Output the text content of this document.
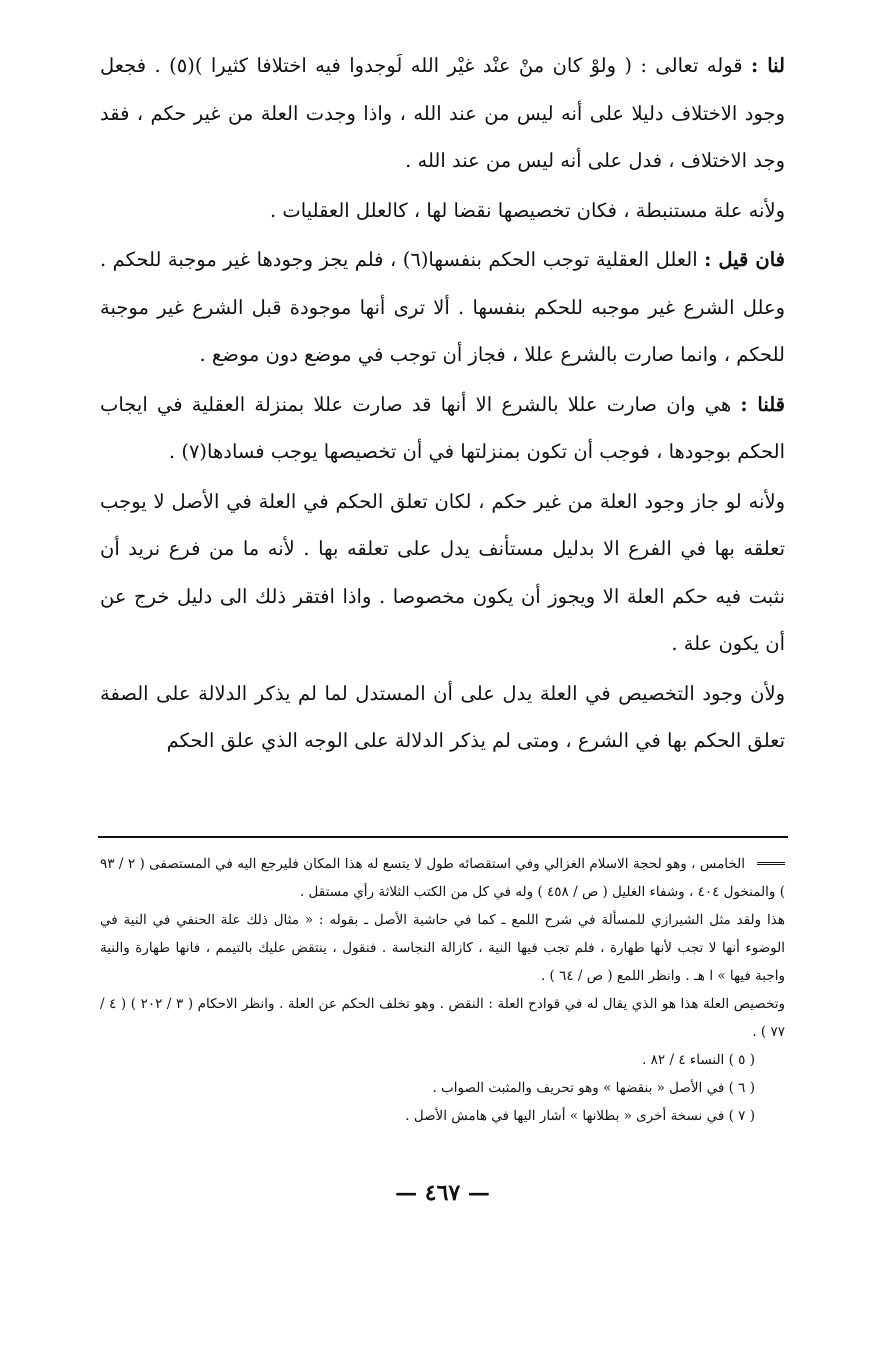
لنا : قوله تعالى : ( ولوْ كان منْ عنْد غيْر الله لَوجدوا فيه اختلافا كثيرا )(٥) . فجعل وجود الاختلاف دليلا على أنه ليس من عند الله ، واذا وجدت العلة من غير حكم ، فقد وجد الاختلاف ، فدل على أنه ليس من عند الله .

ولأنه علة مستنبطة ، فكان تخصيصها نقضا لها ، كالعلل العقليات .

فان قيل : العلل العقلية توجب الحكم بنفسها(٦) ، فلم يجز وجودها غير موجبة للحكم . وعلل الشرع غير موجبه للحكم بنفسها . ألا ترى أنها موجودة قبل الشرع غير موجبة للحكم ، وانما صارت بالشرع عللا ، فجاز أن توجب في موضع دون موضع .

قلنا : هي وان صارت عللا بالشرع الا أنها قد صارت عللا بمنزلة العقلية في ايجاب الحكم بوجودها ، فوجب أن تكون بمنزلتها في أن تخصيصها يوجب فسادها(٧) .

ولأنه لو جاز وجود العلة من غير حكم ، لكان تعلق الحكم في العلة في الأصل لا يوجب تعلقه بها في الفرع الا بدليل مستأنف يدل على تعلقه بها . لأنه ما من فرع نريد أن نثبت فيه حكم العلة الا ويجوز أن يكون مخصوصا . واذا افتقر ذلك الى دليل خرج عن أن يكون علة .

ولأن وجود التخصيص في العلة يدل على أن المستدل لما لم يذكر الدلالة على الصفة تعلق الحكم بها في الشرع ، ومتى لم يذكر الدلالة على الوجه الذي علق الحكم

الخامس ، وهو لحجة الاسلام الغزالي وفي استقصائه طول لا يتسع له هذا المكان فليرجع اليه في المستصفى ( ٢ / ٩٣ ) والمنخول ٤٠٤ ، وشفاء الغليل ( ص / ٤٥٨ ) وله في كل من الكتب الثلاثة رأي مستقل .

هذا ولقد مثل الشيرازي للمسألة في شرح اللمع ـ كما في حاشية الأصل ـ بقوله : « مثال ذلك علة الحنفي في النية في الوضوء أنها لا تجب لأنها طهارة ، فلم تجب فيها النية ، كازالة النجاسة . فنقول ، ينتقض عليك بالتيمم ، فانها طهارة والنية واجبة فيها » ا هـ . وانظر اللمع ( ص / ٦٤ ) .

وتخصيص العلة هذا هو الذي يقال له في قوادح العلة : النقض . وهو تخلف الحكم عن العلة . وانظر الاحكام ( ٣ / ٢٠٢ ) ( ٤ / ٧٧ ) .

( ٥ ) النساء ٤ / ٨٢ .

( ٦ ) في الأصل « بنقضها » وهو تحريف والمثبت الصواب .

( ٧ ) في نسخة أخرى « بطلانها » أشار اليها في هامش الأصل .

— ٤٦٧ —
